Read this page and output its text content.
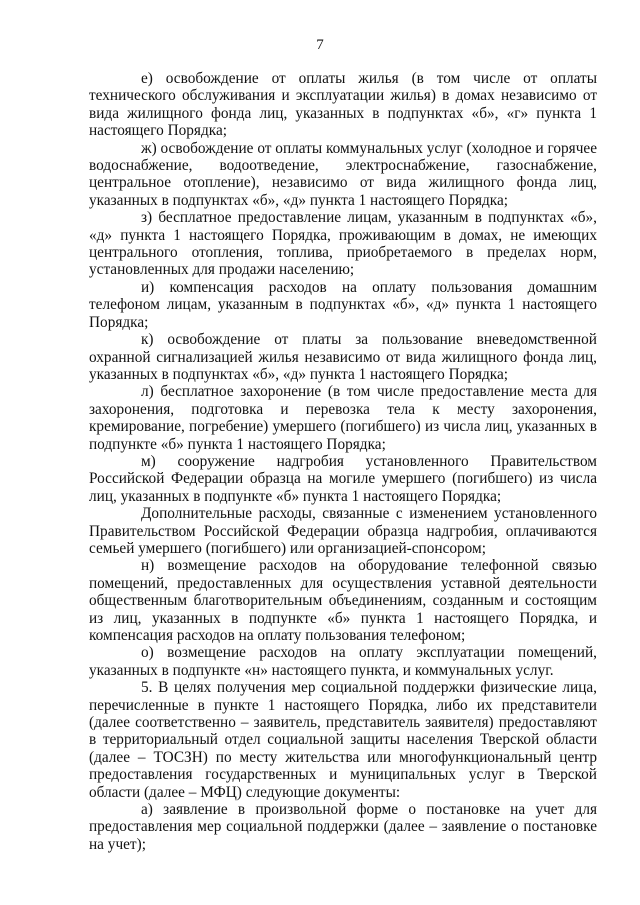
7

е) освобождение от оплаты жилья (в том числе от оплаты технического обслуживания и эксплуатации жилья) в домах независимо от вида жилищного фонда лиц, указанных в подпунктах «б», «г» пункта 1 настоящего Порядка;

ж) освобождение от оплаты коммунальных услуг (холодное и горячее водоснабжение, водоотведение, электроснабжение, газоснабжение, центральное отопление), независимо от вида жилищного фонда лиц, указанных в подпунктах «б», «д» пункта 1 настоящего Порядка;

з) бесплатное предоставление лицам, указанным в подпунктах «б», «д» пункта 1 настоящего Порядка, проживающим в домах, не имеющих центрального отопления, топлива, приобретаемого в пределах норм, установленных для продажи населению;

и) компенсация расходов на оплату пользования домашним телефоном лицам, указанным в подпунктах «б», «д» пункта 1 настоящего Порядка;

к) освобождение от платы за пользование вневедомственной охранной сигнализацией жилья независимо от вида жилищного фонда лиц, указанных в подпунктах «б», «д» пункта 1 настоящего Порядка;

л) бесплатное захоронение (в том числе предоставление места для захоронения, подготовка и перевозка тела к месту захоронения, кремирование, погребение) умершего (погибшего) из числа лиц, указанных в подпункте «б» пункта 1 настоящего Порядка;

м) сооружение надгробия установленного Правительством Российской Федерации образца на могиле умершего (погибшего) из числа лиц, указанных в подпункте «б» пункта 1 настоящего Порядка;

Дополнительные расходы, связанные с изменением установленного Правительством Российской Федерации образца надгробия, оплачиваются семьей умершего (погибшего) или организацией-спонсором;

н) возмещение расходов на оборудование телефонной связью помещений, предоставленных для осуществления уставной деятельности общественным благотворительным объединениям, созданным и состоящим из лиц, указанных в подпункте «б» пункта 1 настоящего Порядка, и компенсация расходов на оплату пользования телефоном;

о) возмещение расходов на оплату эксплуатации помещений, указанных в подпункте «н» настоящего пункта, и коммунальных услуг.

5. В целях получения мер социальной поддержки физические лица, перечисленные в пункте 1 настоящего Порядка, либо их представители (далее соответственно – заявитель, представитель заявителя) предоставляют в территориальный отдел социальной защиты населения Тверской области (далее – ТОСЗН) по месту жительства или многофункциональный центр предоставления государственных и муниципальных услуг в Тверской области (далее – МФЦ) следующие документы:

а) заявление в произвольной форме о постановке на учет для предоставления мер социальной поддержки (далее – заявление о постановке на учет);
